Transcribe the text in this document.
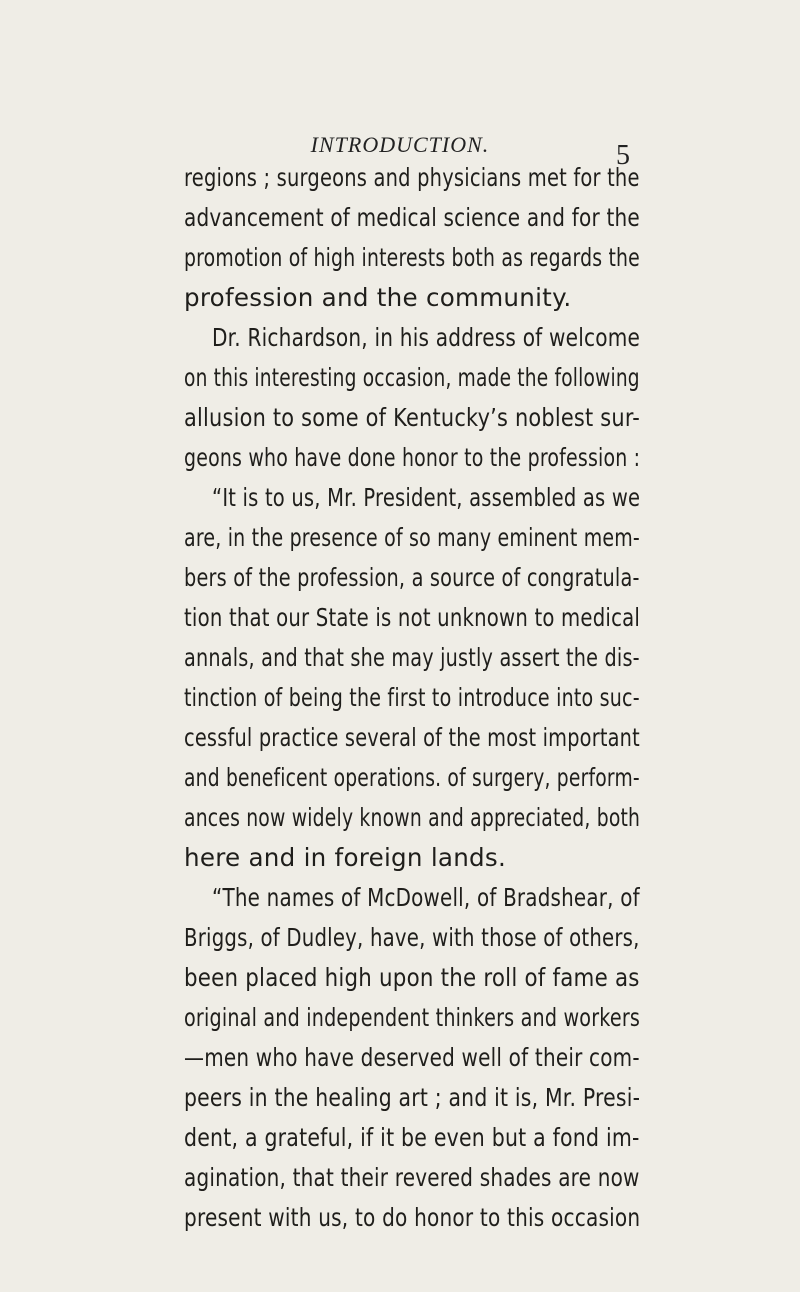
INTRODUCTION.	5
regions ; surgeons and physicians met for the
advancement of medical science and for the
promotion of high interests both as regards the
profession and the community.
Dr. Richardson, in his address of welcome
on this interesting occasion, made the following
allusion to some of Kentucky’s noblest sur-
geons who have done honor to the profession :
“It is to us, Mr. President, assembled as we
are, in the presence of so many eminent mem-
bers of the profession, a source of congratula-
tion that our State is not unknown to medical
annals, and that she may justly assert the dis-
tinction of being the first to introduce into suc-
cessful practice several of the most important
and beneficent operations. of surgery, perform-
ances now widely known and appreciated, both
here and in foreign lands.
“The names of McDowell, of Bradshear, of
Briggs, of Dudley, have, with those of others,
been placed high upon the roll of fame as
original and independent thinkers and workers
—men who have deserved well of their com-
peers in the healing art ; and it is, Mr. Presi-
dent, a grateful, if it be even but a fond im-
agination, that their revered shades are now
present with us, to do honor to this occasion
